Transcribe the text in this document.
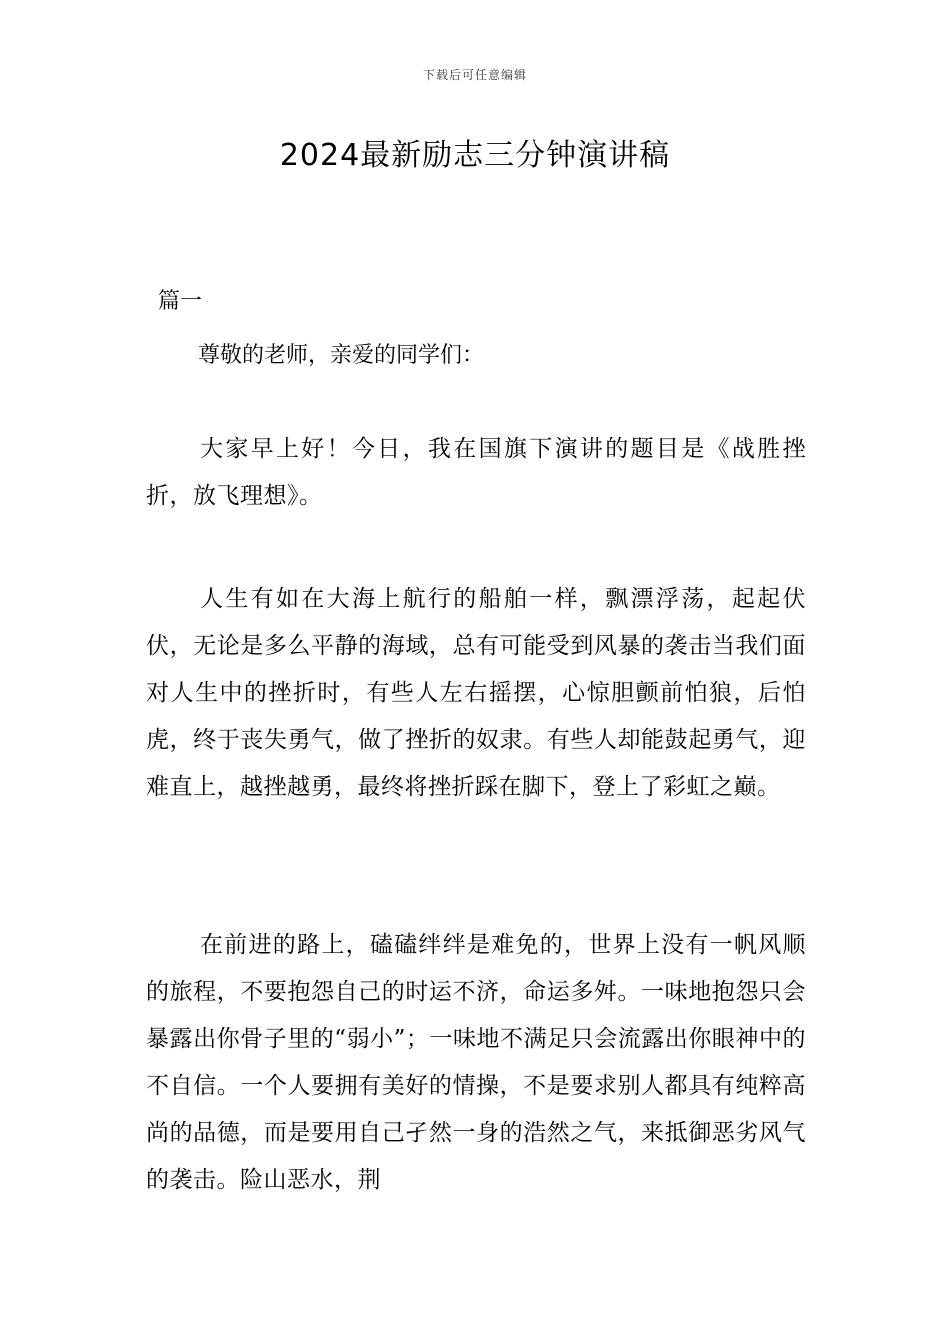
下载后可任意编辑
2024最新励志三分钟演讲稿
篇一
尊敬的老师，亲爱的同学们：
大家早上好！今日，我在国旗下演讲的题目是《战胜挫折，放飞理想》。
人生有如在大海上航行的船舶一样，飘漂浮荡，起起伏伏，无论是多么平静的海域，总有可能受到风暴的袭击当我们面对人生中的挫折时，有些人左右摇摆，心惊胆颤前怕狼，后怕虎，终于丧失勇气，做了挫折的奴隶。有些人却能鼓起勇气，迎难直上，越挫越勇，最终将挫折踩在脚下，登上了彩虹之巅。
在前进的路上，磕磕绊绊是难免的，世界上没有一帆风顺的旅程，不要抱怨自己的时运不济，命运多舛。一味地抱怨只会暴露出你骨子里的“弱小”；一味地不满足只会流露出你眼神中的不自信。一个人要拥有美好的情操，不是要求别人都具有纯粹高尚的品德，而是要用自己孑然一身的浩然之气，来抵御恶劣风气的袭击。险山恶水，荆
